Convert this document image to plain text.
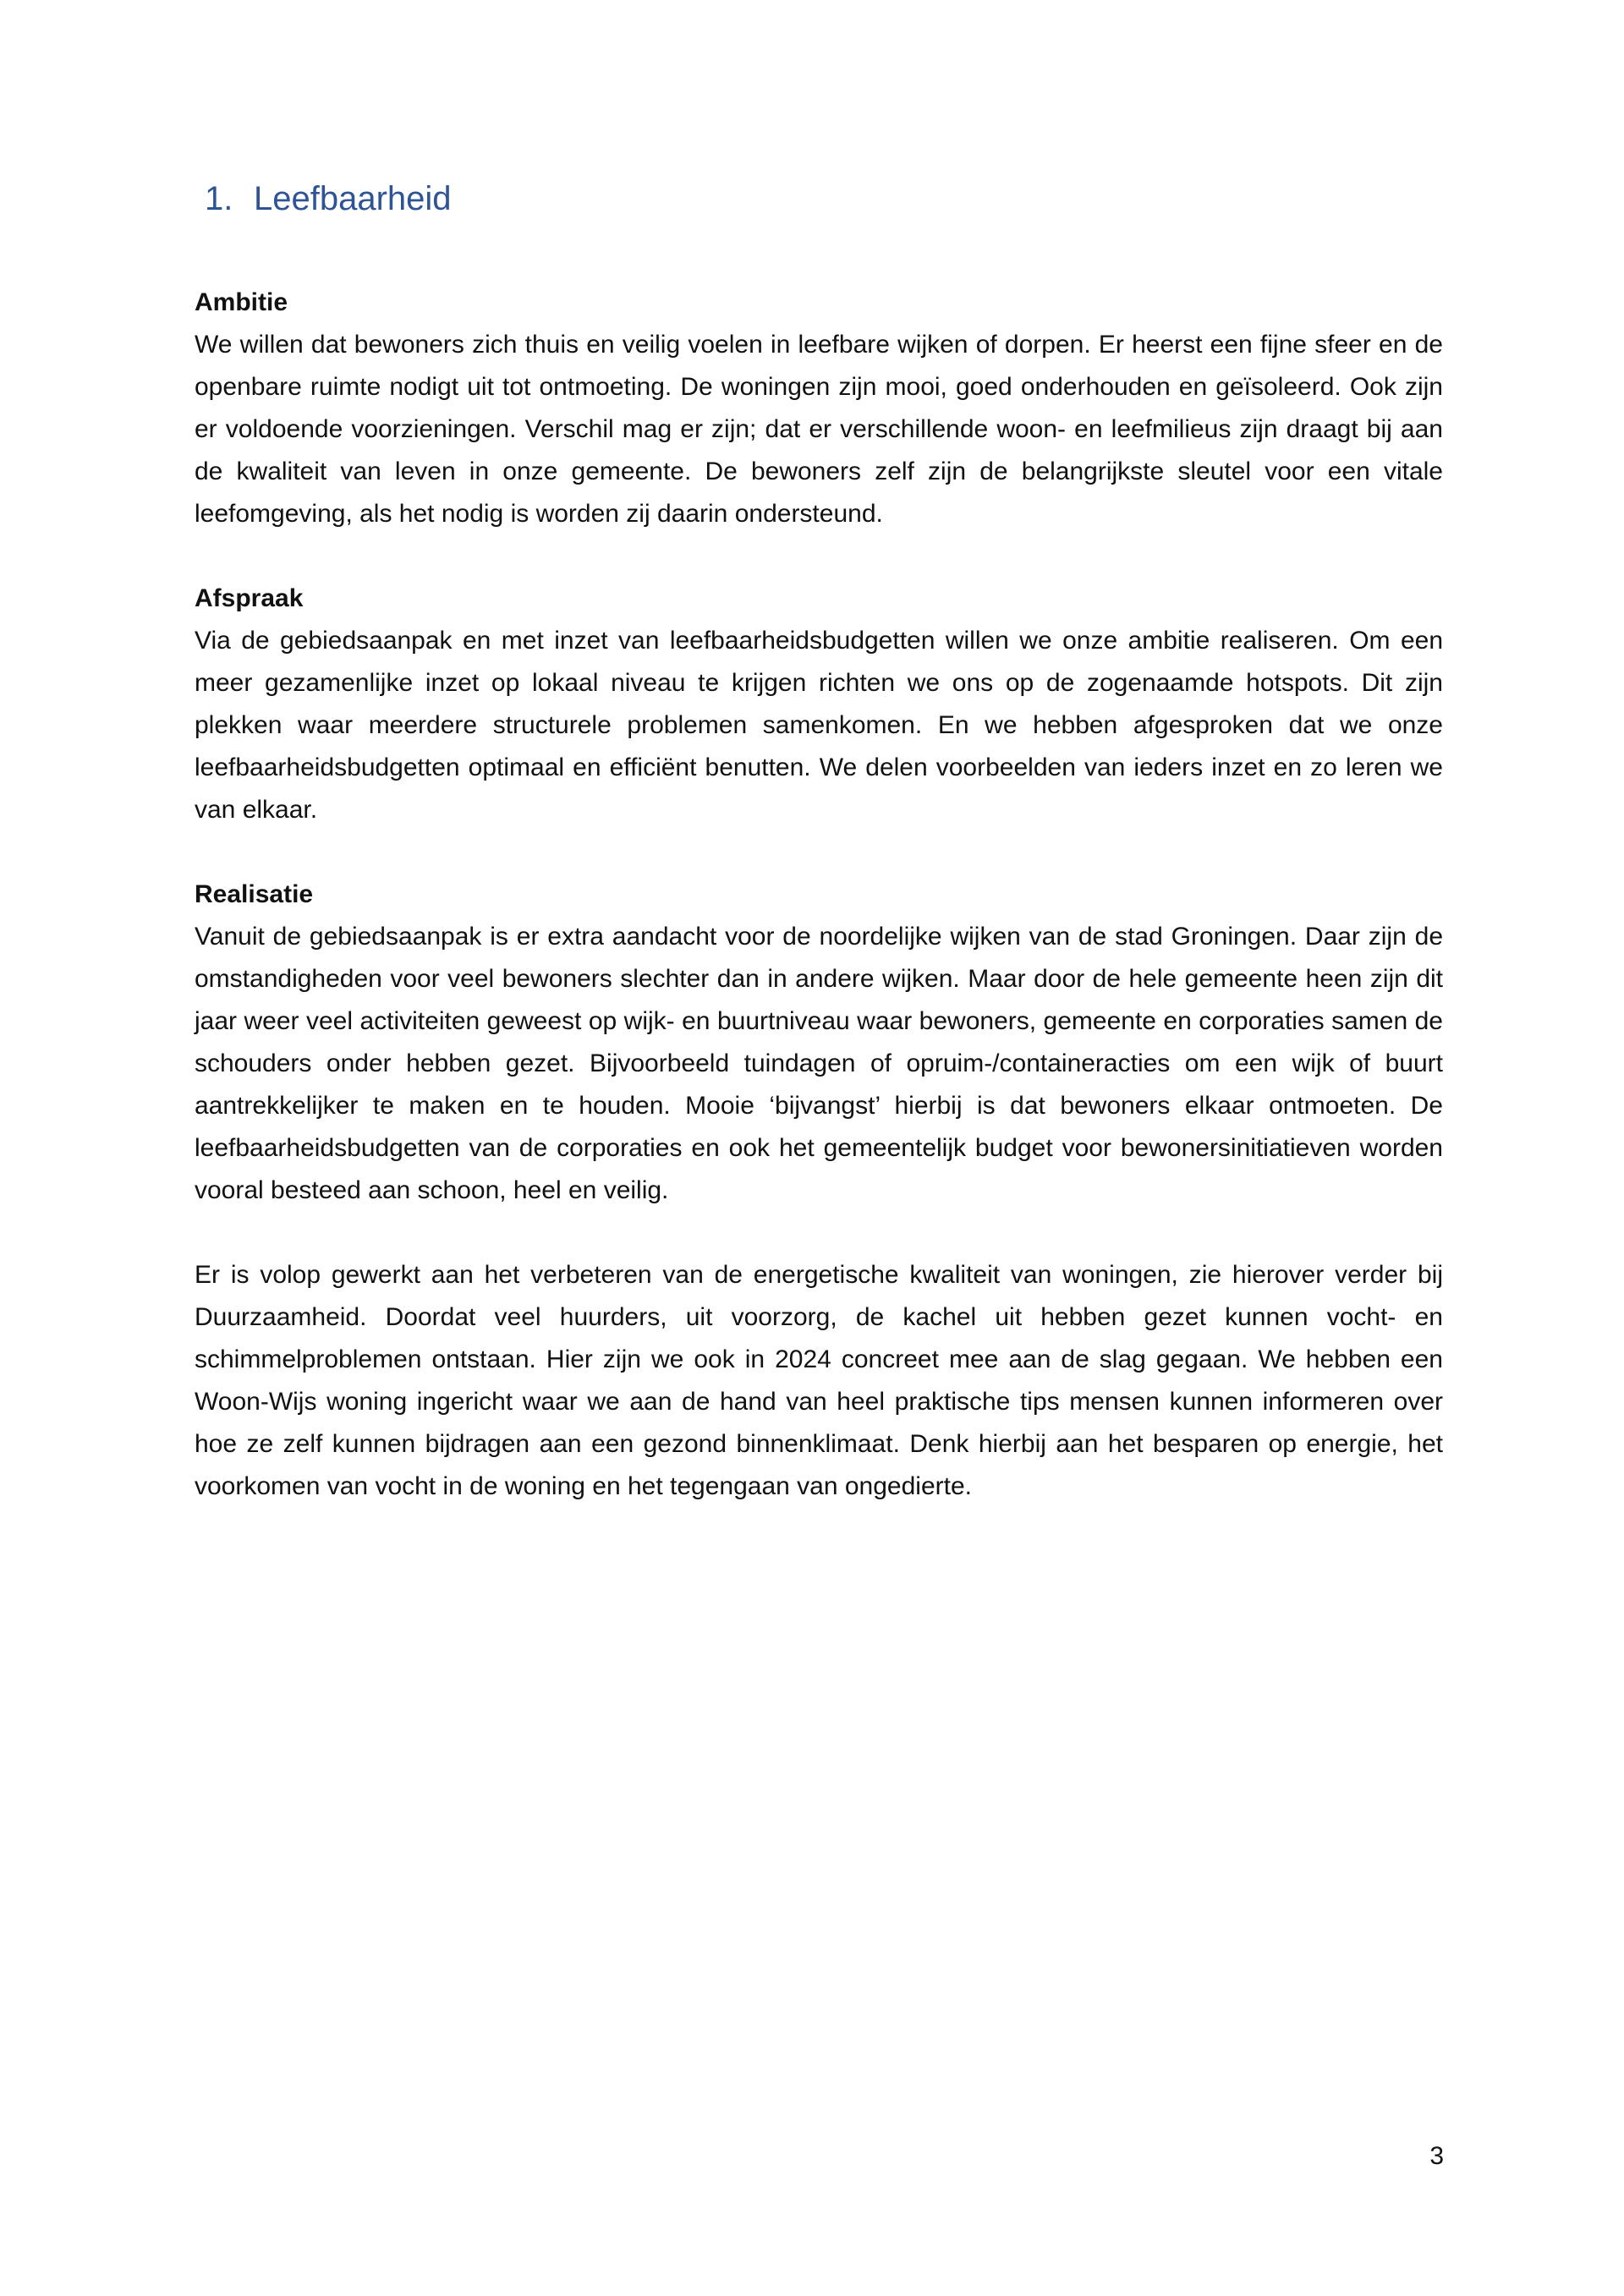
1. Leefbaarheid

Ambitie

We willen dat bewoners zich thuis en veilig voelen in leefbare wijken of dorpen. Er heerst een fijne sfeer en de openbare ruimte nodigt uit tot ontmoeting. De woningen zijn mooi, goed onderhouden en geïsoleerd. Ook zijn er voldoende voorzieningen. Verschil mag er zijn; dat er verschillende woon- en leefmilieus zijn draagt bij aan de kwaliteit van leven in onze gemeente. De bewoners zelf zijn de belangrijkste sleutel voor een vitale leefomgeving, als het nodig is worden zij daarin ondersteund.

Afspraak

Via de gebiedsaanpak en met inzet van leefbaarheidsbudgetten willen we onze ambitie realiseren. Om een meer gezamenlijke inzet op lokaal niveau te krijgen richten we ons op de zogenaamde hotspots. Dit zijn plekken waar meerdere structurele problemen samenkomen. En we hebben afgesproken dat we onze leefbaarheidsbudgetten optimaal en efficiënt benutten. We delen voorbeelden van ieders inzet en zo leren we van elkaar.

Realisatie

Vanuit de gebiedsaanpak is er extra aandacht voor de noordelijke wijken van de stad Groningen. Daar zijn de omstandigheden voor veel bewoners slechter dan in andere wijken. Maar door de hele gemeente heen zijn dit jaar weer veel activiteiten geweest op wijk- en buurtniveau waar bewoners, gemeente en corporaties samen de schouders onder hebben gezet. Bijvoorbeeld tuindagen of opruim-/containeracties om een wijk of buurt aantrekkelijker te maken en te houden. Mooie ‘bijvangst’ hierbij is dat bewoners elkaar ontmoeten. De leefbaarheidsbudgetten van de corporaties en ook het gemeentelijk budget voor bewonersinitiatieven worden vooral besteed aan schoon, heel en veilig.

Er is volop gewerkt aan het verbeteren van de energetische kwaliteit van woningen, zie hierover verder bij Duurzaamheid. Doordat veel huurders, uit voorzorg, de kachel uit hebben gezet kunnen vocht- en schimmelproblemen ontstaan. Hier zijn we ook in 2024 concreet mee aan de slag gegaan. We hebben een Woon-Wijs woning ingericht waar we aan de hand van heel praktische tips mensen kunnen informeren over hoe ze zelf kunnen bijdragen aan een gezond binnenklimaat. Denk hierbij aan het besparen op energie, het voorkomen van vocht in de woning en het tegengaan van ongedierte.

3
